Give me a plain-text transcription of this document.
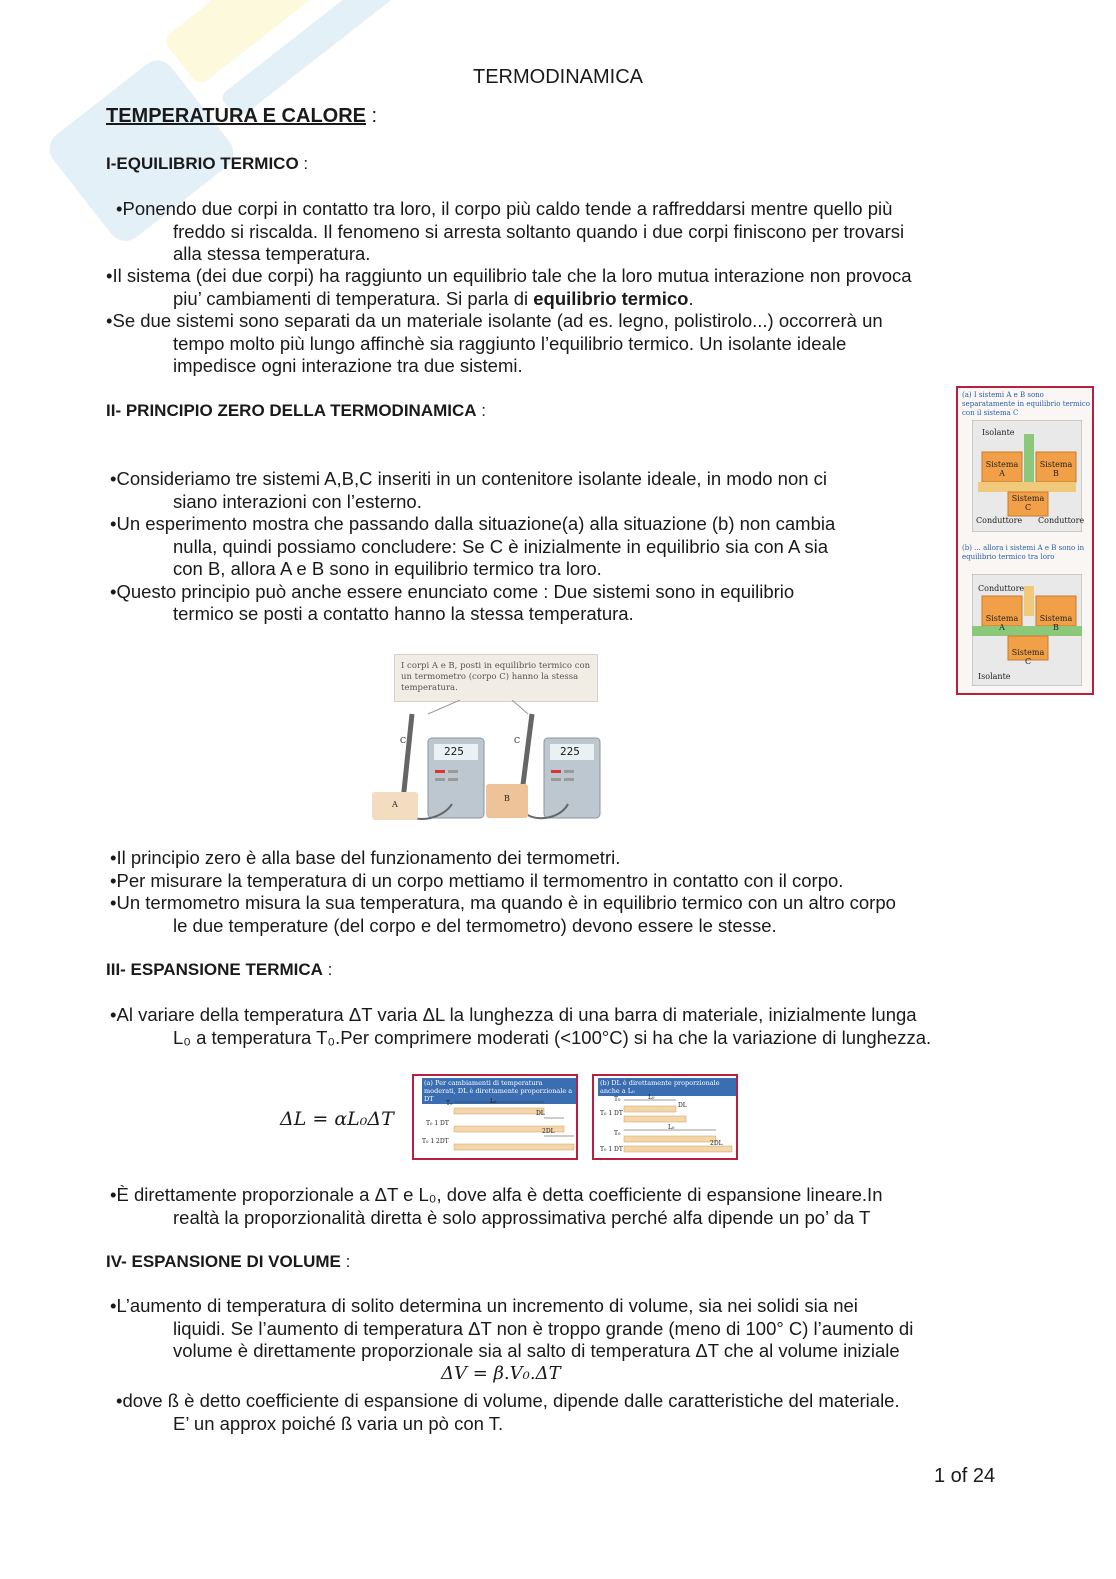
TERMODINAMICA
TEMPERATURA E CALORE :
I-EQUILIBRIO TERMICO :

•Ponendo due corpi in contatto tra loro, il corpo più caldo tende a raffreddarsi mentre quello più

freddo si riscalda. Il fenomeno si arresta soltanto quando i due corpi finiscono per trovarsi

alla stessa temperatura.

•Il sistema (dei due corpi) ha raggiunto un equilibrio tale che la loro mutua interazione non provoca

piu’ cambiamenti di temperatura. Si parla di equilibrio termico.

•Se due sistemi sono separati da un materiale isolante (ad es. legno, polistirolo...) occorrerà un

tempo molto più lungo affinchè sia raggiunto l’equilibrio termico. Un isolante ideale

impedisce ogni interazione tra due sistemi.

II- PRINCIPIO ZERO DELLA TERMODINAMICA :

•Consideriamo tre sistemi A,B,C inseriti in un contenitore isolante ideale, in modo non ci

siano interazioni con l’esterno.

•Un esperimento mostra che passando dalla situazione(a) alla situazione (b) non cambia

nulla, quindi possiamo concludere: Se C è inizialmente in equilibrio sia con A sia

con B, allora A e B sono in equilibrio termico tra loro.

•Questo principio può anche essere enunciato come : Due sistemi sono in equilibrio

termico se posti a contatto hanno la stessa temperatura.

(a) I sistemi A e B sono separatamente in equilibrio termico con il sistema C
Isolante
Sistema A
Sistema B
Sistema C
Conduttore Conduttore
(b) ... allora i sistemi A e B sono in equilibrio termico tra loro
Conduttore
Sistema A
Sistema B
Sistema C
Isolante
I corpi A e B, posti in equilibrio termico con un termometro (corpo C) hanno la stessa temperatura.
225	225
C	C
A
B

•Il principio zero è alla base del funzionamento dei termometri.

•Per misurare la temperatura di un corpo mettiamo il termomentro in contatto con il corpo.

•Un termometro misura la sua temperatura, ma quando è in equilibrio termico con un altro corpo

le due temperature (del corpo e del termometro) devono essere le stesse.

III- ESPANSIONE TERMICA :

•Al variare della temperatura ΔT varia ΔL la lunghezza di una barra di materiale, inizialmente lunga

L₀ a temperatura T₀.Per comprimere moderati (<100°C) si ha che la variazione di lunghezza.

ΔL = αL₀ΔT
(a) Per cambiamenti di temperatura moderati, DL è direttamente proporzionale a DT
T₀
T₀ 1 DT
T₀ 1 2DT
L₀
DL
2DL
(b) DL è direttamente proporzionale anche a L₀
T₀
T₀ 1 DT
T₀
T₀ 1 DT
L₀
L₀
DL
2DL

•È direttamente proporzionale a ΔT e L₀, dove alfa è detta coefficiente di espansione lineare.In

realtà la proporzionalità diretta è solo approssimativa perché alfa dipende un po’ da T

IV- ESPANSIONE DI VOLUME :

•L’aumento di temperatura di solito determina un incremento di volume, sia nei solidi sia nei

liquidi. Se l’aumento di temperatura ΔT non è troppo grande (meno di 100° C) l’aumento di

volume è direttamente proporzionale sia al salto di temperatura ΔT che al volume iniziale

ΔV = β.V₀.ΔT

•dove ß è detto coefficiente di espansione di volume, dipende dalle caratteristiche del materiale.

E’ un approx poiché ß varia un pò con T.

1 of 24
